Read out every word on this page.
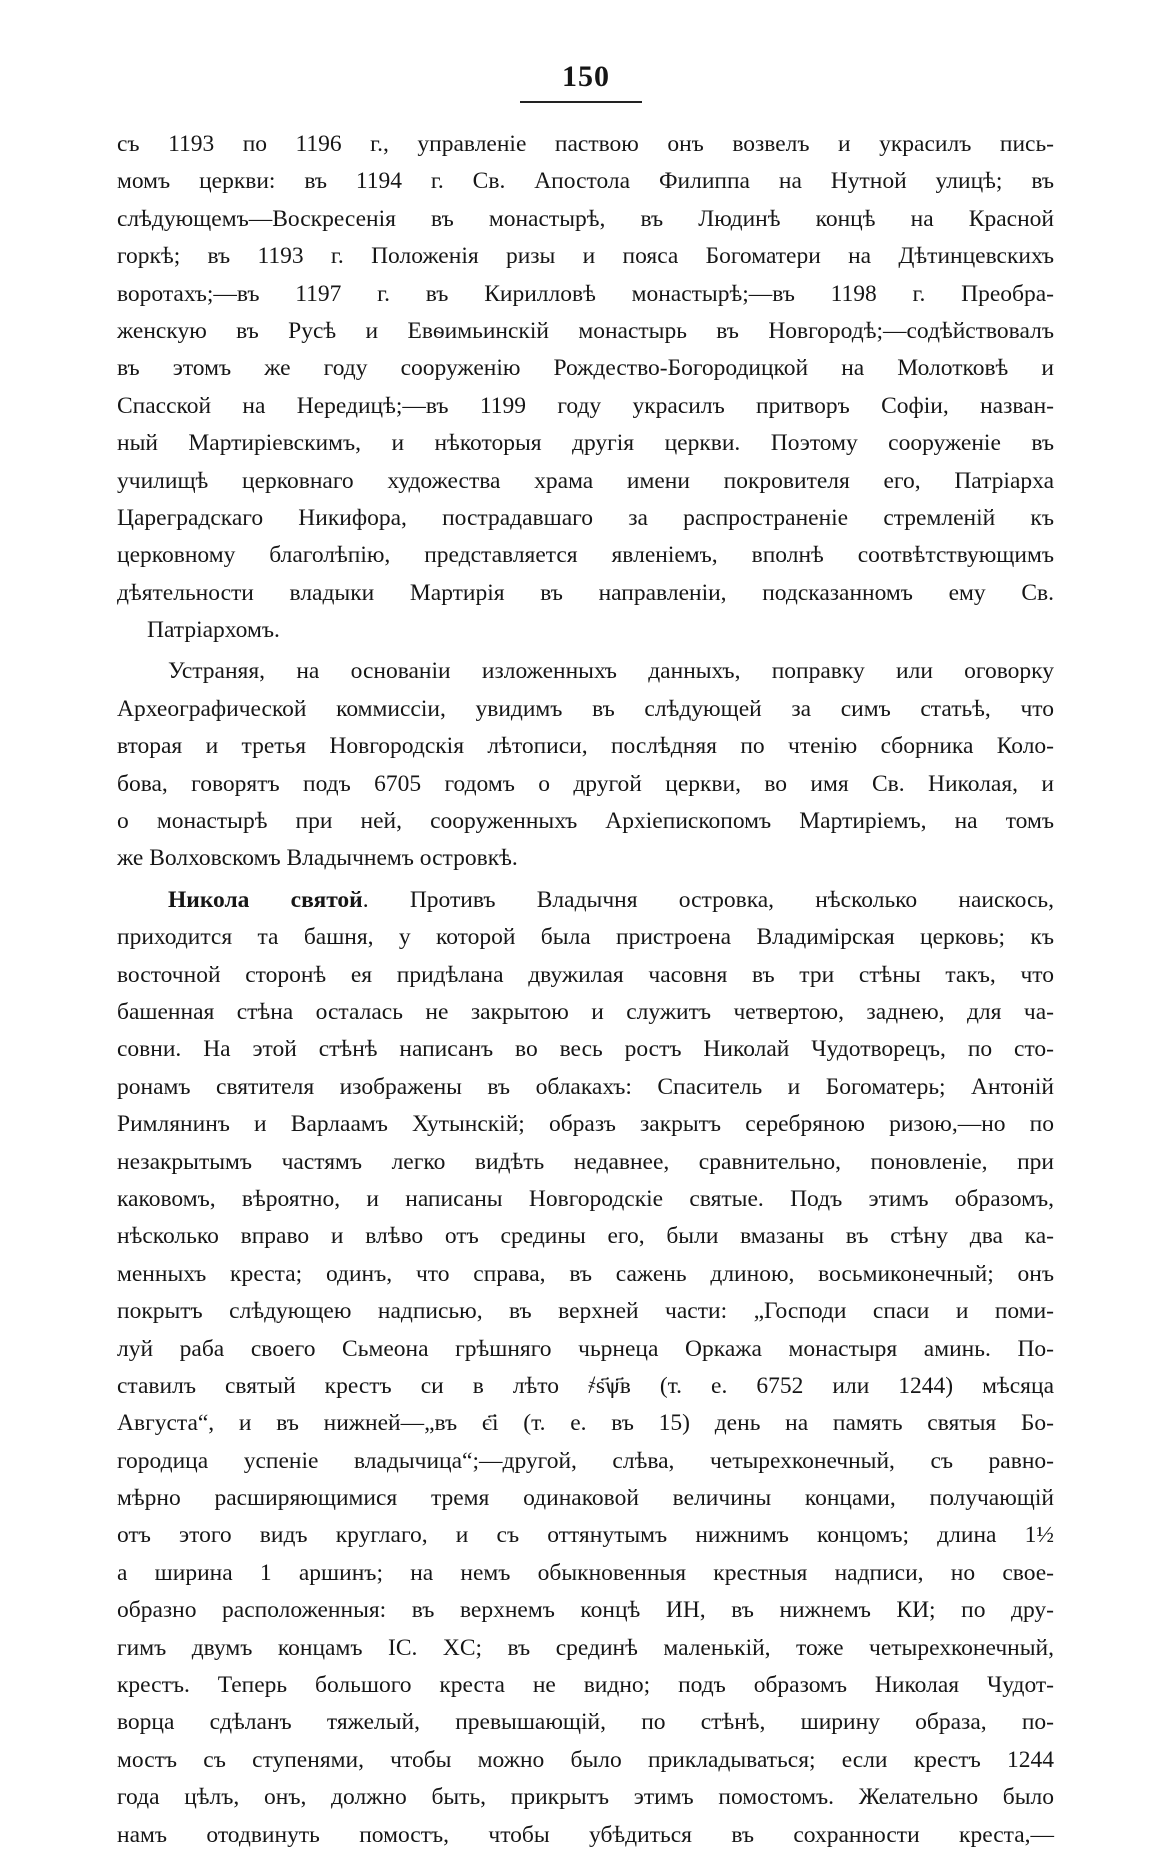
150
съ 1193 по 1196 г., управленіе паствою онъ возвелъ и украсилъ пись-
момъ церкви: въ 1194 г. Св. Апостола Филиппа на Нутной улицѣ; въ
слѣдующемъ—Воскресенія въ монастырѣ, въ Людинѣ концѣ на Красной
горкѣ; въ 1193 г. Положенія ризы и пояса Богоматери на Дѣтинцевскихъ
воротахъ;—въ 1197 г. въ Кирилловѣ монастырѣ;—въ 1198 г. Преобра-
женскую въ Русѣ и Евѳимьинскій монастырь въ Новгородѣ;—содѣйствовалъ
въ этомъ же году сооруженію Рождество-Богородицкой на Молотковѣ и
Спасской на Нередицѣ;—въ 1199 году украсилъ притворъ Софіи, назван-
ный Мартиріевскимъ, и нѣкоторыя другія церкви. Поэтому сооруженіе въ
училищѣ церковнаго художества храма имени покровителя его, Патріарха
Цареградскаго Никифора, пострадавшаго за распространеніе стремленій къ
церковному благолѣпію, представляется явленіемъ, вполнѣ соотвѣтствующимъ
дѣятельности владыки Мартирія въ направленіи, подсказанномъ ему Св.
Патріархомъ.
Устраняя, на основаніи изложенныхъ данныхъ, поправку или оговорку
Археографической коммиссіи, увидимъ въ слѣдующей за симъ статьѣ, что
вторая и третья Новгородскія лѣтописи, послѣдняя по чтенію сборника Коло-
бова, говорятъ подъ 6705 годомъ о другой церкви, во имя Св. Николая, и
о монастырѣ при ней, сооруженныхъ Архіепископомъ Мартиріемъ, на томъ
же Волховскомъ Владычнемъ островкѣ.
Никола святой. Противъ Владычня островка, нѣсколько наискось,
приходится та башня, у которой была пристроена Владимірская церковь; къ
восточной сторонѣ ея придѣлана двужилая часовня въ три стѣны такъ, что
башенная стѣна осталась не закрытою и служитъ четвертою, заднею, для ча-
совни. На этой стѣнѣ написанъ во весь ростъ Николай Чудотворецъ, по сто-
ронамъ святителя изображены въ облакахъ: Спаситель и Богоматерь; Антоній
Римлянинъ и Варлаамъ Хутынскій; образъ закрытъ серебряною ризою,—но по
незакрытымъ частямъ легко видѣть недавнее, сравнительно, поновленіе, при
каковомъ, вѣроятно, и написаны Новгородскіе святые. Подъ этимъ образомъ,
нѣсколько вправо и влѣво отъ средины его, были вмазаны въ стѣну два ка-
менныхъ креста; одинъ, что справа, въ сажень длиною, восьмиконечный; онъ
покрытъ слѣдующею надписью, въ верхней части: „Господи спаси и поми-
луй раба своего Сьмеона грѣшняго чьрнеца Оркажа монастыря аминь. По-
ставилъ святый крестъ си в лѣто ҂s҃ѱ҃в (т. е. 6752 или 1244) мѣсяца
Августа“, и въ нижней—„въ є҃i (т. е. въ 15) день на память святыя Бо-
городица успеніе владычица“;—другой, слѣва, четырехконечный, съ равно-
мѣрно расширяющимися тремя одинаковой величины концами, получающій
отъ этого видъ круглаго, и съ оттянутымъ нижнимъ концомъ; длина 1½
а ширина 1 аршинъ; на немъ обыкновенныя крестныя надписи, но свое-
образно расположенныя: въ верхнемъ концѣ ИН, въ нижнемъ КИ; по дру-
гимъ двумъ концамъ IC. XC; въ срединѣ маленькій, тоже четырехконечный,
крестъ. Теперь большого креста не видно; подъ образомъ Николая Чудот-
ворца сдѣланъ тяжелый, превышающій, по стѣнѣ, ширину образа, по-
мостъ съ ступенями, чтобы можно было прикладываться; если крестъ 1244
года цѣлъ, онъ, должно быть, прикрытъ этимъ помостомъ. Желательно было
намъ отодвинуть помостъ, чтобы убѣдиться въ сохранности креста,—
